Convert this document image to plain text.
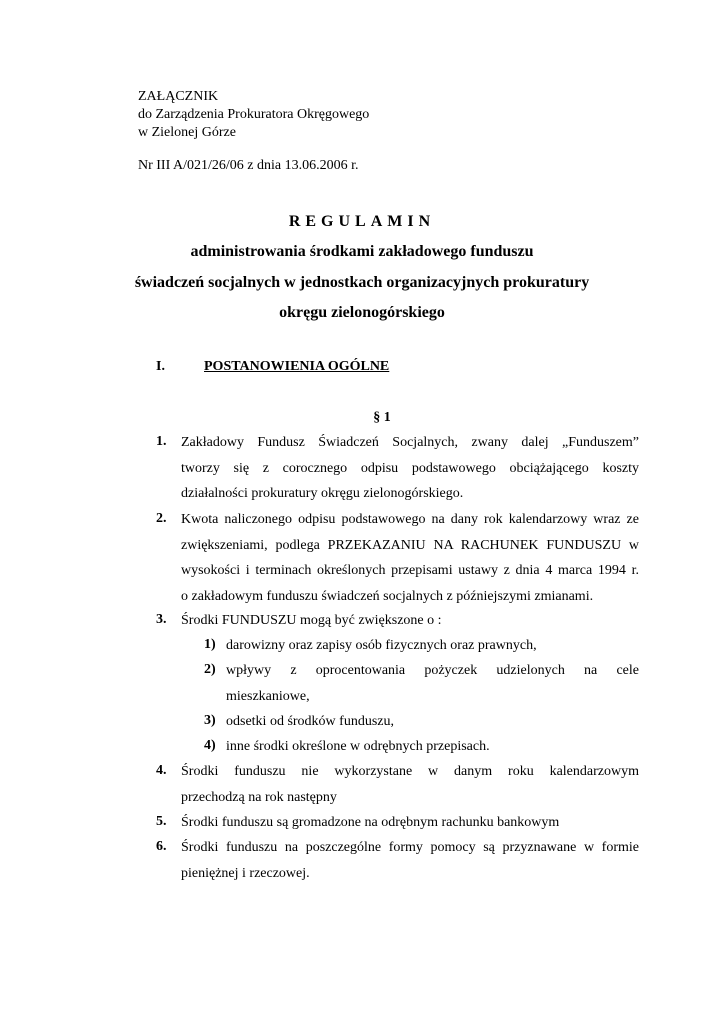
ZAŁĄCZNIK
do Zarządzenia Prokuratora Okręgowego
w Zielonej Górze
Nr III A/021/26/06 z dnia 13.06.2006 r.
REGULAMIN
administrowania środkami zakładowego funduszu
świadczeń socjalnych w jednostkach organizacyjnych prokuratury
okręgu zielonogórskiego
I.	POSTANOWIENIA OGÓLNE
§ 1
1.	Zakładowy Fundusz Świadczeń Socjalnych, zwany dalej „Funduszem”
tworzy się z corocznego odpisu podstawowego obciążającego koszty
działalności prokuratury okręgu zielonogórskiego.
2.	Kwota naliczonego odpisu podstawowego na dany rok kalendarzowy wraz ze
zwiększeniami, podlega PRZEKAZANIU NA RACHUNEK FUNDUSZU w
wysokości i terminach określonych przepisami ustawy z dnia 4 marca 1994 r.
o zakładowym funduszu świadczeń socjalnych z późniejszymi zmianami.
3.	Środki FUNDUSZU mogą być zwiększone o :
1) darowizny oraz zapisy osób fizycznych oraz prawnych,
2) wpływy z oprocentowania pożyczek udzielonych na cele
mieszkaniowe,
3) odsetki od środków funduszu,
4) inne środki określone w odrębnych przepisach.
4.	Środki funduszu nie wykorzystane w danym roku kalendarzowym
przechodzą na rok następny
5.	Środki funduszu są gromadzone na odrębnym rachunku bankowym
6.	Środki funduszu na poszczególne formy pomocy są przyznawane w formie
pieniężnej i rzeczowej.
